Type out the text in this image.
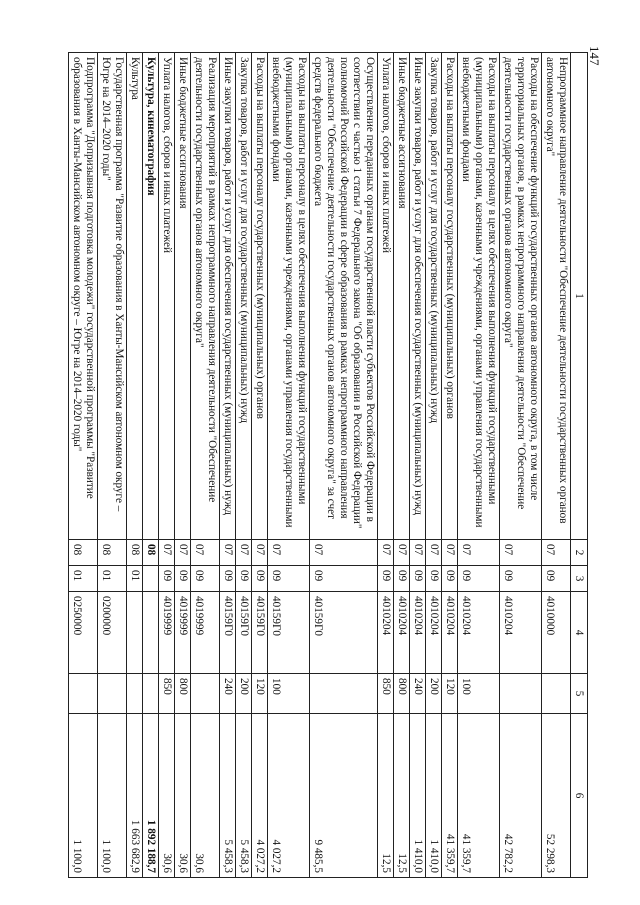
147
1	2	3	4	5	6
Непрограммное направление деятельности "Обеспечение деятельности государственных органов автономного округа"	07	09	4010000		52 298,3
Расходы на обеспечение функций государственных органов автономного округа, в том числе территориальных органов, в рамках непрограммного направления деятельности "Обеспечение деятельности государственных органов автономного округа"	07	09	4010204		42 782,2
Расходы на выплаты персоналу в целях обеспечения выполнения функций государственными (муниципальными) органами, казенными учреждениями, органами управления государственными внебюджетными фондами	07	09	4010204	100	41 359,7
Расходы на выплаты персоналу государственных (муниципальных) органов	07	09	4010204	120	41 359,7
Закупка товаров, работ и услуг для государственных (муниципальных) нужд	07	09	4010204	200	1 410,0
Иные закупки товаров, работ и услуг для обеспечения государственных (муниципальных) нужд	07	09	4010204	240	1 410,0
Иные бюджетные ассигнования	07	09	4010204	800	12,5
Уплата налогов, сборов и иных платежей	07	09	4010204	850	12,5
Осуществление переданных органам государственной власти субъектов Российской Федерации в соответствии с частью 1 статьи 7 Федерального закона "Об образовании в Российской Федерации" полномочий Российской Федерации в сфере образования в рамках непрограммного направления деятельности "Обеспечение деятельности государственных органов автономного округа" за счет средств федерального бюджета	07	09	40159Г0		9 485,5
Расходы на выплаты персоналу в целях обеспечения выполнения функций государственными (муниципальными) органами, казенными учреждениями, органами управления государственными внебюджетными фондами	07	09	40159Г0	100	4 027,2
Расходы на выплаты персоналу государственных (муниципальных) органов	07	09	40159Г0	120	4 027,2
Закупка товаров, работ и услуг для государственных (муниципальных) нужд	07	09	40159Г0	200	5 458,3
Иные закупки товаров, работ и услуг для обеспечения государственных (муниципальных) нужд	07	09	40159Г0	240	5 458,3
Реализация мероприятий в рамках непрограммного направления деятельности "Обеспечение деятельности государственных органов автономного округа"	07	09	4019999		30,6
Иные бюджетные ассигнования	07	09	4019999	800	30,6
Уплата налогов, сборов и иных платежей	07	09	4019999	850	30,6
Культура, кинематография	08				1 892 188,7
Культура	08	01			1 663 682,9
Государственная программа "Развитие образования в Ханты-Мансийском автономном округе – Югре на 2014–2020 годы"	08	01	0200000		1 100,0
Подпрограмма "Допризывная подготовка молодежи" государственной программы "Развитие образования в Ханты-Мансийском автономном округе – Югре на 2014–2020 годы"	08	01	0250000		1 100,0
